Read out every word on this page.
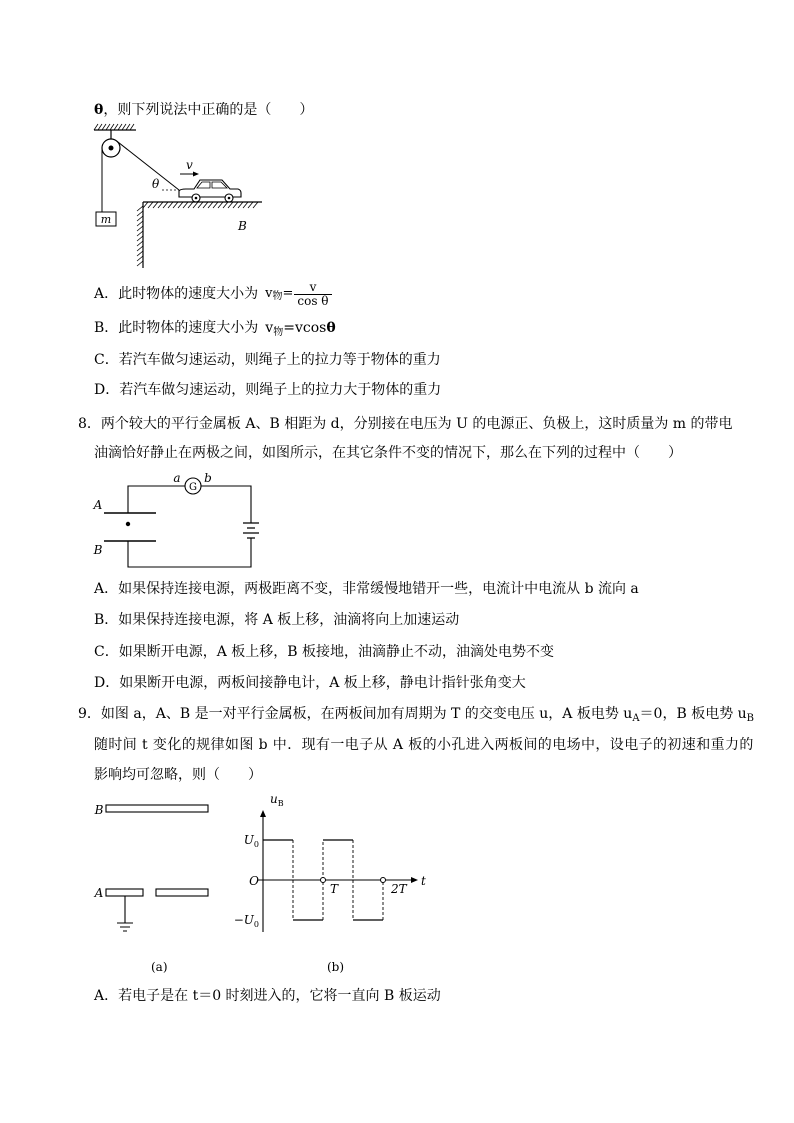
θ，则下列说法中正确的是（　　）
m
θ
v
B
A． 此时物体的速度大小为 v 物 = $\frac{v}{\text{cos θ}}$
B．此时物体的速度大小为 $v_物=vcos\theta$
C．若汽车做匀速运动，则绳子上的拉力等于物体的重力
D．若汽车做匀速运动，则绳子上的拉力大于物体的重力
8．两个较大的平行金属板 A、B 相距为 d，分别接在电压为 U 的电源正、负极上，这时质量为 m 的带电
油滴恰好静止在两极之间，如图所示，在其它条件不变的情况下，那么在下列的过程中（　　）
A
B
G
a b
A．如果保持连接电源，两极距离不变，非常缓慢地错开一些，电流计中电流从 b 流向 a
B．如果保持连接电源，将 A 板上移，油滴将向上加速运动
C．如果断开电源，A 板上移，B 板接地，油滴静止不动，油滴处电势不变
D．如果断开电源，两板间接静电计，A 板上移，静电计指针张角变大
9．如图 a，A、B 是一对平行金属板，在两板间加有周期为 T 的交变电压 u，A 板电势 $u_A=0$，B 板电势 $u_B$
随时间 t 变化的规律如图 b 中．现有一电子从 A 板的小孔进入两板间的电场中，设电子的初速和重力的
影响均可忽略，则（　　）
B
A
$u_B$
t
$U_0$
O
$-U_0$
T	2T
(a)	(b)
A．若电子是在 t＝0 时刻进入的，它将一直向 B 板运动
